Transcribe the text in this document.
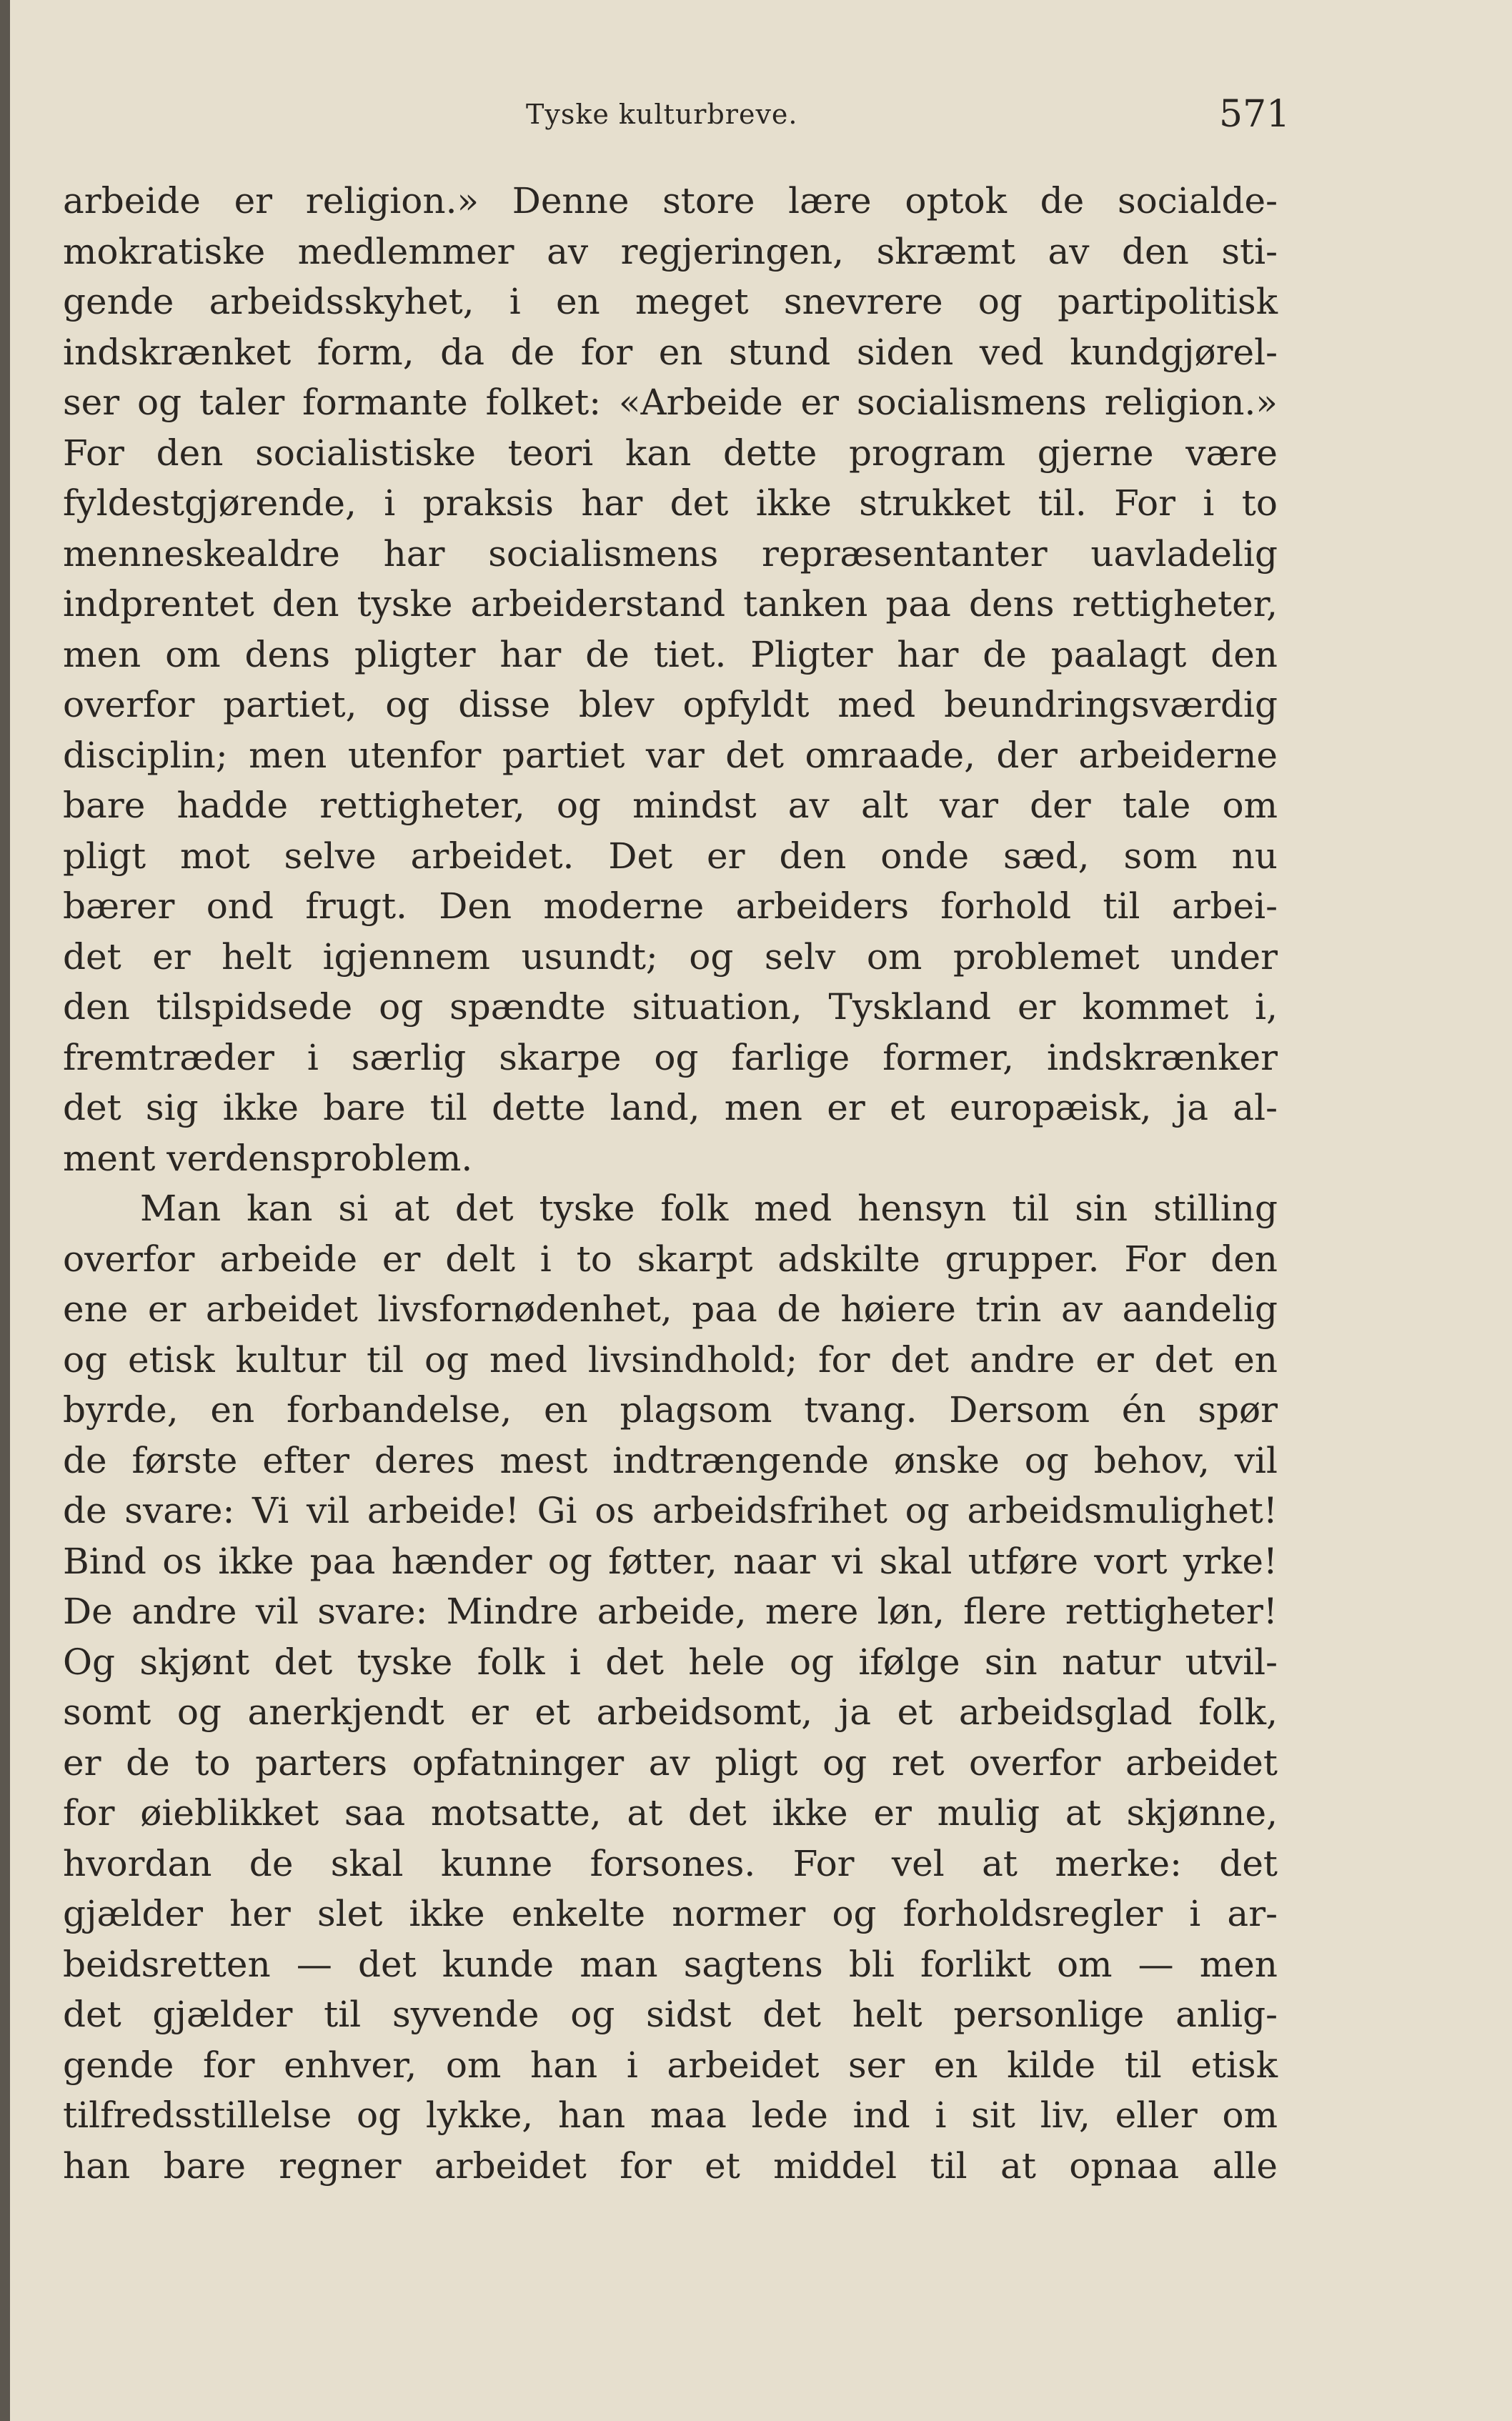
Tyske kulturbreve.	571
arbeide er religion.» Denne store lære optok de socialde-
mokratiske medlemmer av regjeringen, skræmt av den sti-
gende arbeidsskyhet, i en meget snevrere og partipolitisk
indskrænket form, da de for en stund siden ved kundgjørel-
ser og taler formante folket: «Arbeide er socialismens religion.»
For den socialistiske teori kan dette program gjerne være
fyldestgjørende, i praksis har det ikke strukket til. For i to
menneskealdre har socialismens repræsentanter uavladelig
indprentet den tyske arbeiderstand tanken paa dens rettigheter,
men om dens pligter har de tiet. Pligter har de paalagt den
overfor partiet, og disse blev opfyldt med beundringsværdig
disciplin; men utenfor partiet var det omraade, der arbeiderne
bare hadde rettigheter, og mindst av alt var der tale om
pligt mot selve arbeidet. Det er den onde sæd, som nu
bærer ond frugt. Den moderne arbeiders forhold til arbei-
det er helt igjennem usundt; og selv om problemet under
den tilspidsede og spændte situation, Tyskland er kommet i,
fremtræder i særlig skarpe og farlige former, indskrænker
det sig ikke bare til dette land, men er et europæisk, ja al-
ment verdensproblem.
Man kan si at det tyske folk med hensyn til sin stilling
overfor arbeide er delt i to skarpt adskilte grupper. For den
ene er arbeidet livsfornødenhet, paa de høiere trin av aandelig
og etisk kultur til og med livsindhold; for det andre er det en
byrde, en forbandelse, en plagsom tvang. Dersom én spør
de første efter deres mest indtrængende ønske og behov, vil
de svare: Vi vil arbeide! Gi os arbeidsfrihet og arbeidsmulighet!
Bind os ikke paa hænder og føtter, naar vi skal utføre vort yrke!
De andre vil svare: Mindre arbeide, mere løn, flere rettigheter!
Og skjønt det tyske folk i det hele og ifølge sin natur utvil-
somt og anerkjendt er et arbeidsomt, ja et arbeidsglad folk,
er de to parters opfatninger av pligt og ret overfor arbeidet
for øieblikket saa motsatte, at det ikke er mulig at skjønne,
hvordan de skal kunne forsones. For vel at merke: det
gjælder her slet ikke enkelte normer og forholdsregler i ar-
beidsretten — det kunde man sagtens bli forlikt om — men
det gjælder til syvende og sidst det helt personlige anlig-
gende for enhver, om han i arbeidet ser en kilde til etisk
tilfredsstillelse og lykke, han maa lede ind i sit liv, eller om
han bare regner arbeidet for et middel til at opnaa alle
